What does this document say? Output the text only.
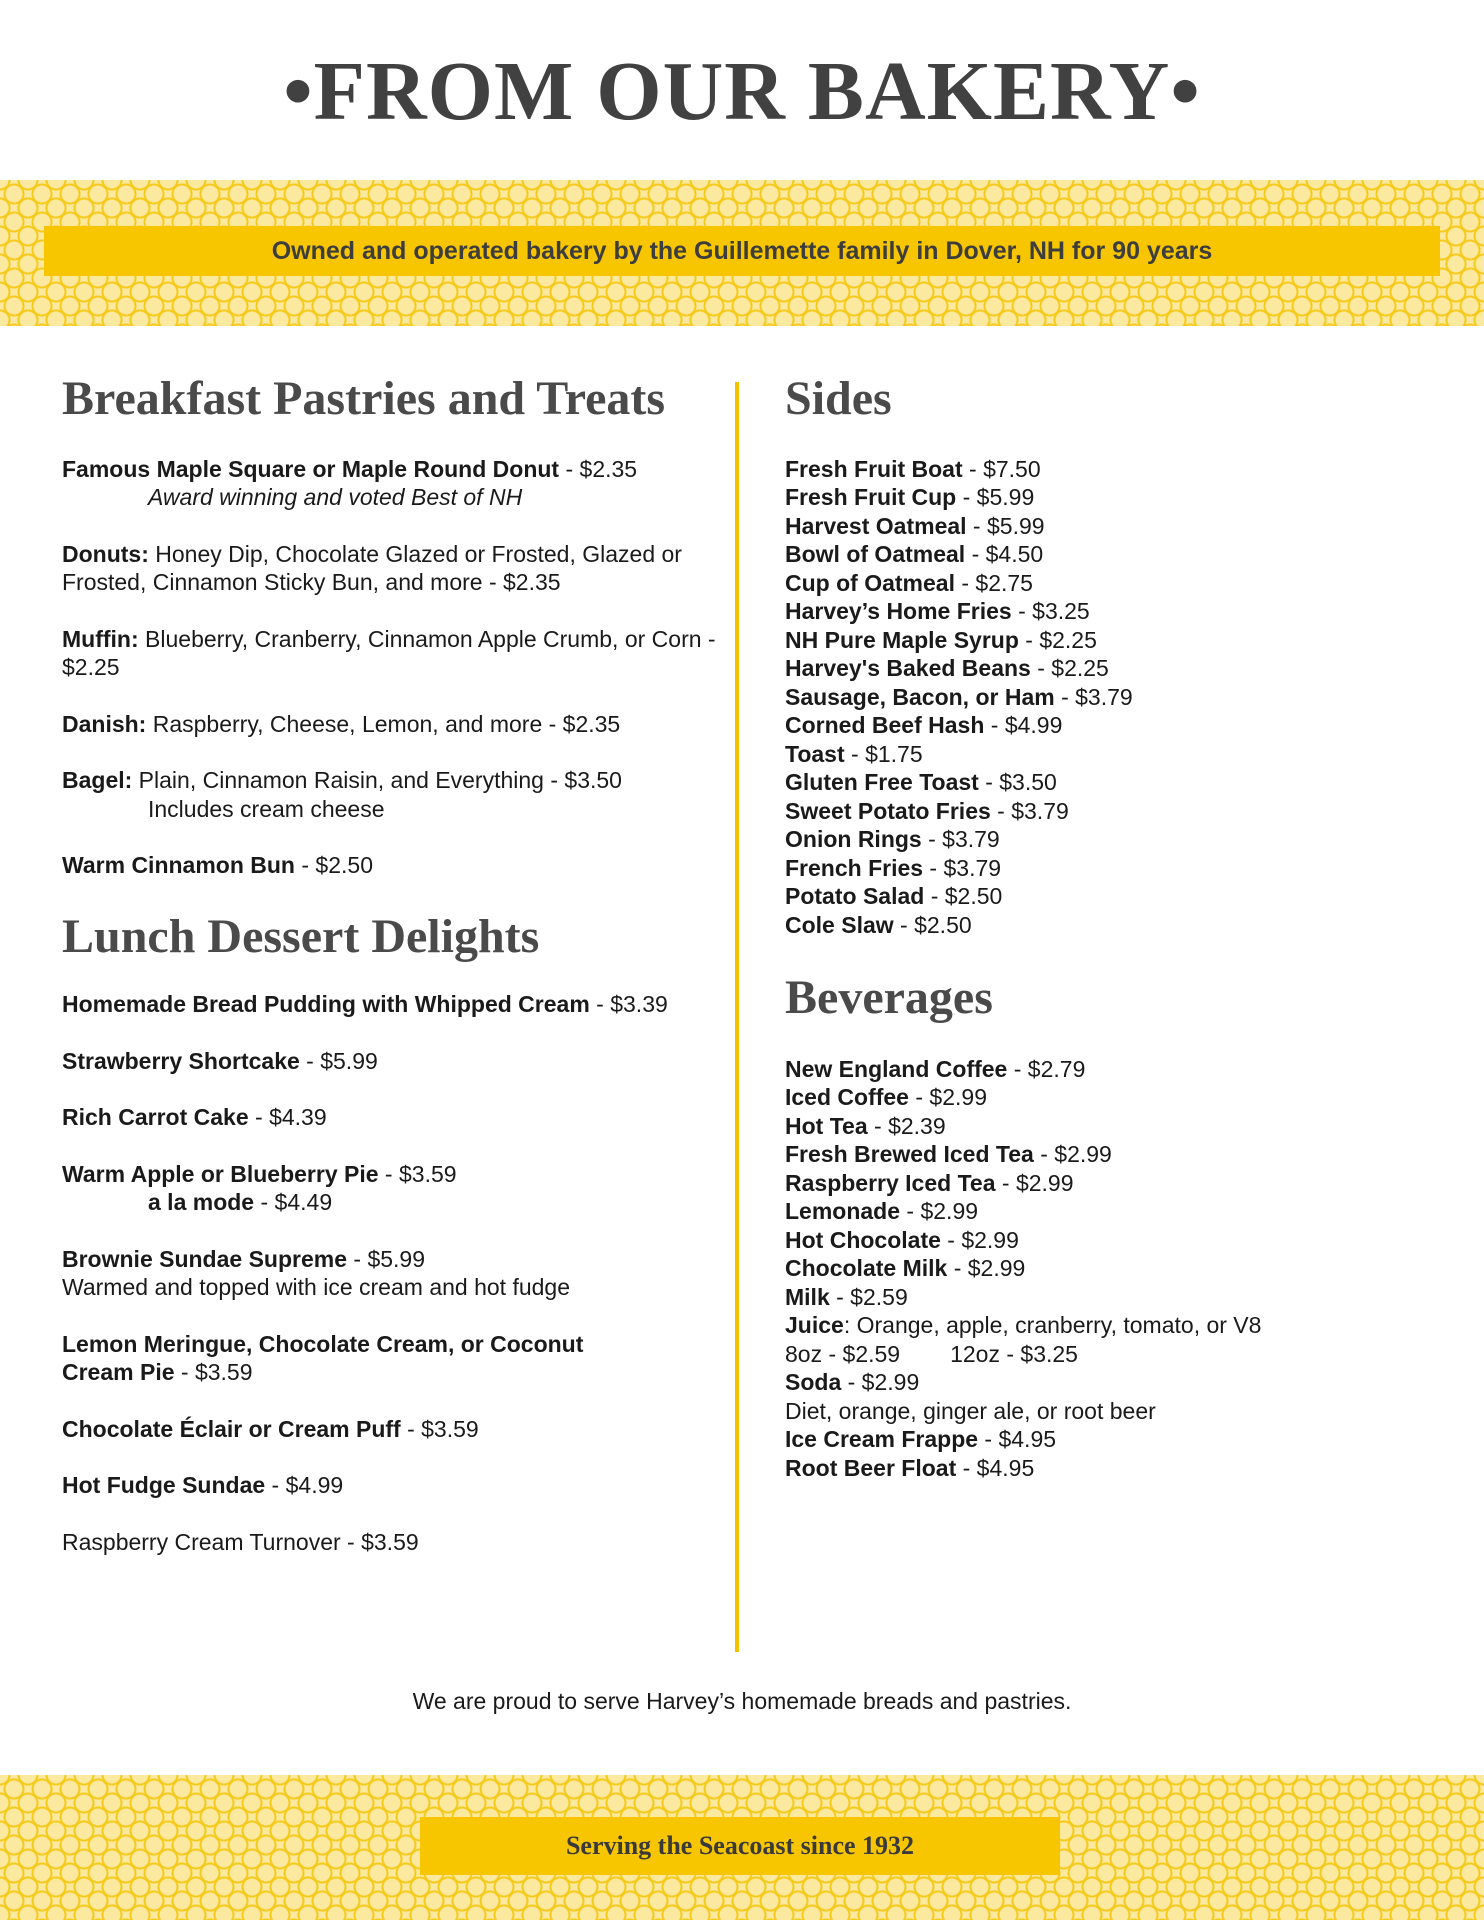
•FROM OUR BAKERY•
Owned and operated bakery by the Guillemette family in Dover, NH for 90 years
Breakfast Pastries and Treats
Famous Maple Square or Maple Round Donut - $2.35
Award winning and voted Best of NH
Donuts: Honey Dip, Chocolate Glazed or Frosted, Glazed or Frosted, Cinnamon Sticky Bun, and more - $2.35
Muffin: Blueberry, Cranberry, Cinnamon Apple Crumb, or Corn - $2.25
Danish: Raspberry, Cheese, Lemon, and more - $2.35
Bagel: Plain, Cinnamon Raisin, and Everything - $3.50
Includes cream cheese
Warm Cinnamon Bun - $2.50
Lunch Dessert Delights
Homemade Bread Pudding with Whipped Cream - $3.39
Strawberry Shortcake - $5.99
Rich Carrot Cake - $4.39
Warm Apple or Blueberry Pie - $3.59
a la mode - $4.49
Brownie Sundae Supreme - $5.99
Warmed and topped with ice cream and hot fudge
Lemon Meringue, Chocolate Cream, or Coconut Cream Pie - $3.59
Chocolate Éclair or Cream Puff - $3.59
Hot Fudge Sundae - $4.99
Raspberry Cream Turnover - $3.59
Sides
Fresh Fruit Boat - $7.50
Fresh Fruit Cup - $5.99
Harvest Oatmeal - $5.99
Bowl of Oatmeal - $4.50
Cup of Oatmeal - $2.75
Harvey’s Home Fries - $3.25
NH Pure Maple Syrup - $2.25
Harvey's Baked Beans - $2.25
Sausage, Bacon, or Ham - $3.79
Corned Beef Hash - $4.99
Toast - $1.75
Gluten Free Toast - $3.50
Sweet Potato Fries - $3.79
Onion Rings - $3.79
French Fries - $3.79
Potato Salad - $2.50
Cole Slaw - $2.50
Beverages
New England Coffee - $2.79
Iced Coffee - $2.99
Hot Tea - $2.39
Fresh Brewed Iced Tea - $2.99
Raspberry Iced Tea - $2.99
Lemonade - $2.99
Hot Chocolate - $2.99
Chocolate Milk - $2.99
Milk - $2.59
Juice: Orange, apple, cranberry, tomato, or V8
8oz - $2.59 12oz - $3.25
Soda - $2.99
Diet, orange, ginger ale, or root beer
Ice Cream Frappe - $4.95
Root Beer Float - $4.95
We are proud to serve Harvey’s homemade breads and pastries.
Serving the Seacoast since 1932
